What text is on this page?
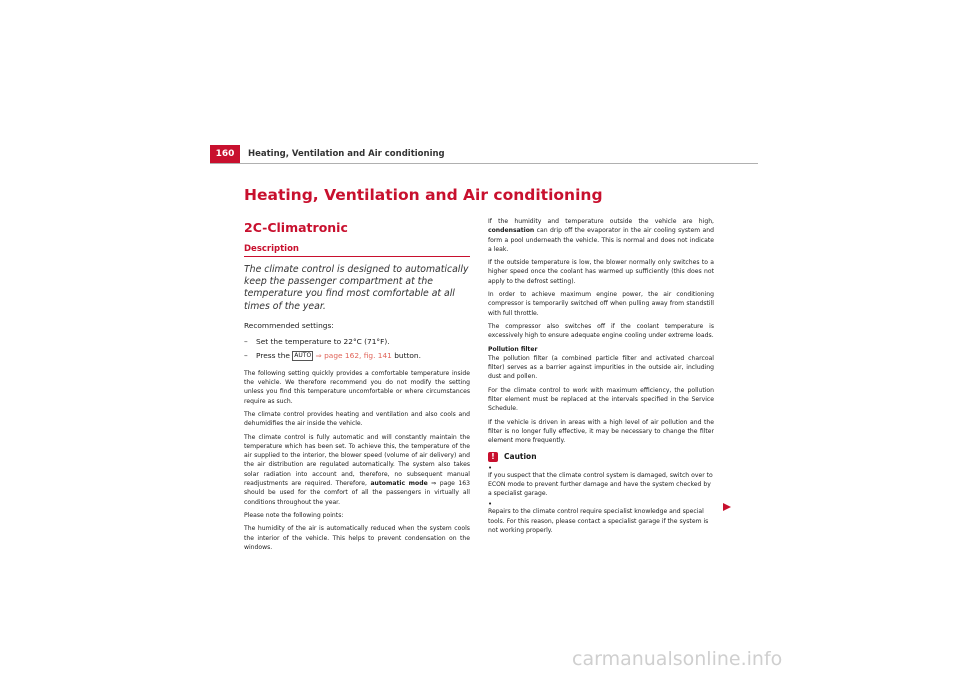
160	Heating, Ventilation and Air conditioning
Heating, Ventilation and Air conditioning
2C-Climatronic
Description

The climate control is designed to automatically keep the passenger compartment at the temperature you find most comfortable at all times of the year.

Recommended settings:

– Set the temperature to 22°C (71°F).
– Press the AUTO ⇒ page 162, fig. 141 button.

The following setting quickly provides a comfortable temperature inside the vehicle. We therefore recommend you do not modify the setting unless you find this temperature uncomfortable or where circumstances require as such.

The climate control provides heating and ventilation and also cools and dehumidifies the air inside the vehicle.

The climate control is fully automatic and will constantly maintain the temperature which has been set. To achieve this, the temperature of the air supplied to the interior, the blower speed (volume of air delivery) and the air distribution are regulated automatically. The system also takes solar radiation into account and, therefore, no subsequent manual readjustments are required. Therefore, automatic mode ⇒ page 163 should be used for the comfort of all the passengers in virtually all conditions throughout the year.

Please note the following points:

The humidity of the air is automatically reduced when the system cools the interior of the vehicle. This helps to prevent condensation on the windows.

If the humidity and temperature outside the vehicle are high, condensation can drip off the evaporator in the air cooling system and form a pool underneath the vehicle. This is normal and does not indicate a leak.

If the outside temperature is low, the blower normally only switches to a higher speed once the coolant has warmed up sufficiently (this does not apply to the defrost setting).

In order to achieve maximum engine power, the air conditioning compressor is temporarily switched off when pulling away from standstill with full throttle.

The compressor also switches off if the coolant temperature is excessively high to ensure adequate engine cooling under extreme loads.

Pollution filter

The pollution filter (a combined particle filter and activated charcoal filter) serves as a barrier against impurities in the outside air, including dust and pollen.

For the climate control to work with maximum efficiency, the pollution filter element must be replaced at the intervals specified in the Service Schedule.

If the vehicle is driven in areas with a high level of air pollution and the filter is no longer fully effective, it may be necessary to change the filter element more frequently.

!	Caution

•
If you suspect that the climate control system is damaged, switch over to ECON mode to prevent further damage and have the system checked by a specialist garage.

•
Repairs to the climate control require specialist knowledge and special tools. For this reason, please contact a specialist garage if the system is not working properly.

carmanualsonline.info
